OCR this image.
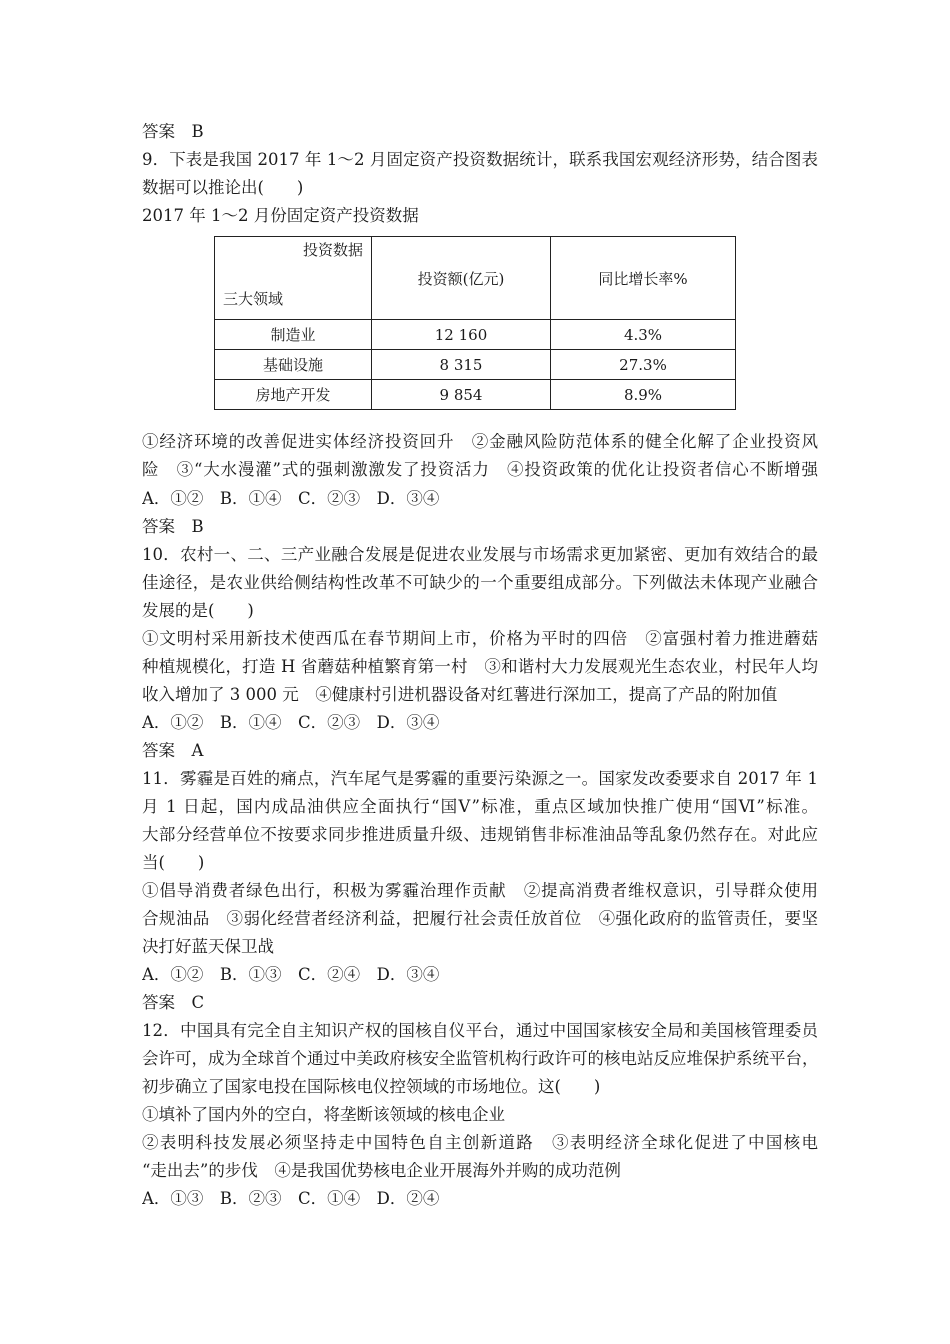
答案　B
9．下表是我国 2017 年 1～2 月固定资产投资数据统计，联系我国宏观经济形势，结合图表
数据可以推论出(　　)
2017 年 1～2 月份固定资产投资数据
投资数据
三大领域	投资额(亿元)	同比增长率%
制造业	12 160	4.3%
基础设施	8 315	27.3%
房地产开发	9 854	8.9%
①经济环境的改善促进实体经济投资回升　②金融风险防范体系的健全化解了企业投资风
险　③“大水漫灌”式的强刺激激发了投资活力　④投资政策的优化让投资者信心不断增强
A．①②　B．①④　C．②③　D．③④
答案　B
10．农村一、二、三产业融合发展是促进农业发展与市场需求更加紧密、更加有效结合的最
佳途径，是农业供给侧结构性改革不可缺少的一个重要组成部分。下列做法未体现产业融合
发展的是(　　)
①文明村采用新技术使西瓜在春节期间上市，价格为平时的四倍　②富强村着力推进蘑菇
种植规模化，打造 H 省蘑菇种植繁育第一村　③和谐村大力发展观光生态农业，村民年人均
收入增加了 3 000 元　④健康村引进机器设备对红薯进行深加工，提高了产品的附加值
A．①②　B．①④　C．②③　D．③④
答案　A
11．雾霾是百姓的痛点，汽车尾气是雾霾的重要污染源之一。国家发改委要求自 2017 年 1
月 1 日起，国内成品油供应全面执行“国Ⅴ”标准，重点区域加快推广使用“国Ⅵ”标准。
大部分经营单位不按要求同步推进质量升级、违规销售非标准油品等乱象仍然存在。对此应
当(　　)
①倡导消费者绿色出行，积极为雾霾治理作贡献　②提高消费者维权意识，引导群众使用
合规油品　③弱化经营者经济利益，把履行社会责任放首位　④强化政府的监管责任，要坚
决打好蓝天保卫战
A．①②　B．①③　C．②④　D．③④
答案　C
12．中国具有完全自主知识产权的国核自仪平台，通过中国国家核安全局和美国核管理委员
会许可，成为全球首个通过中美政府核安全监管机构行政许可的核电站反应堆保护系统平台，
初步确立了国家电投在国际核电仪控领域的市场地位。这(　　)
①填补了国内外的空白，将垄断该领域的核电企业
②表明科技发展必须坚持走中国特色自主创新道路　③表明经济全球化促进了中国核电
“走出去”的步伐　④是我国优势核电企业开展海外并购的成功范例
A．①③　B．②③　C．①④　D．②④
